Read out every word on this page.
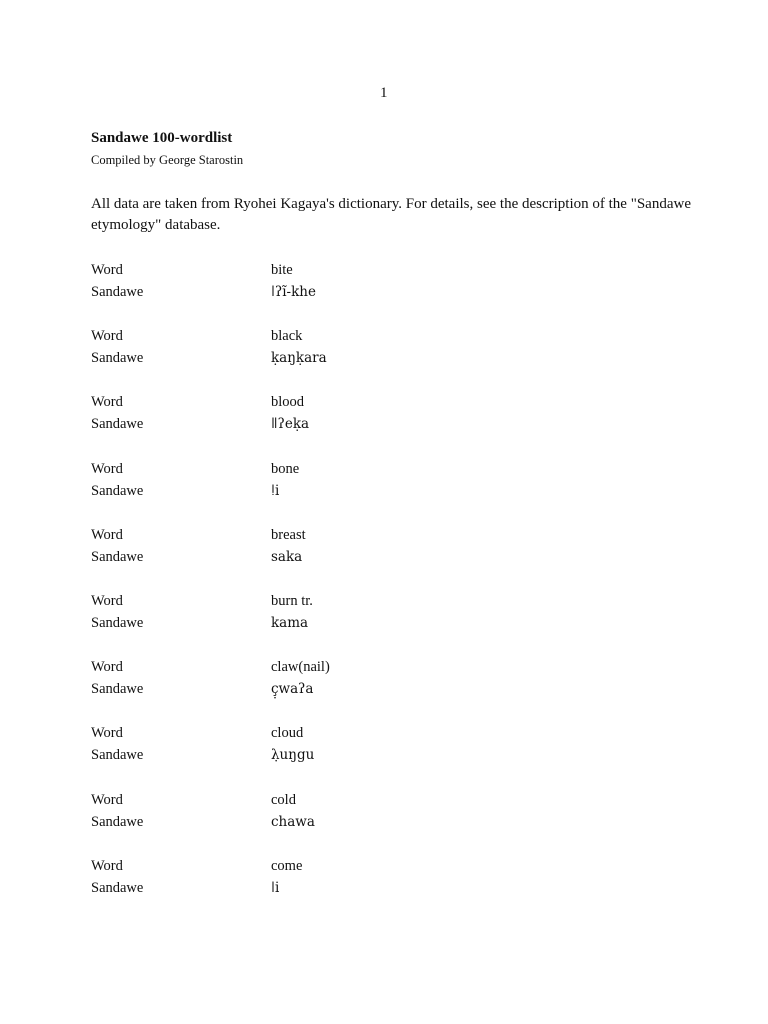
1
Sandawe 100-wordlist
Compiled by George Starostin

All data are taken from Ryohei Kagaya's dictionary. For details, see the description of the "Sandawe etymology" database.

Word	bite
Sandawe	ǀʔĩ-khe
Word	black
Sandawe	ḳaŋḳara
Word	blood
Sandawe	ǁʔeḳa
Word	bone
Sandawe	ǃi
Word	breast
Sandawe	saka
Word	burn tr.
Sandawe	kama
Word	claw(nail)
Sandawe	ç̣waʔa
Word	cloud
Sandawe	λ̣uŋgu
Word	cold
Sandawe	chawa
Word	come
Sandawe	ǀi
